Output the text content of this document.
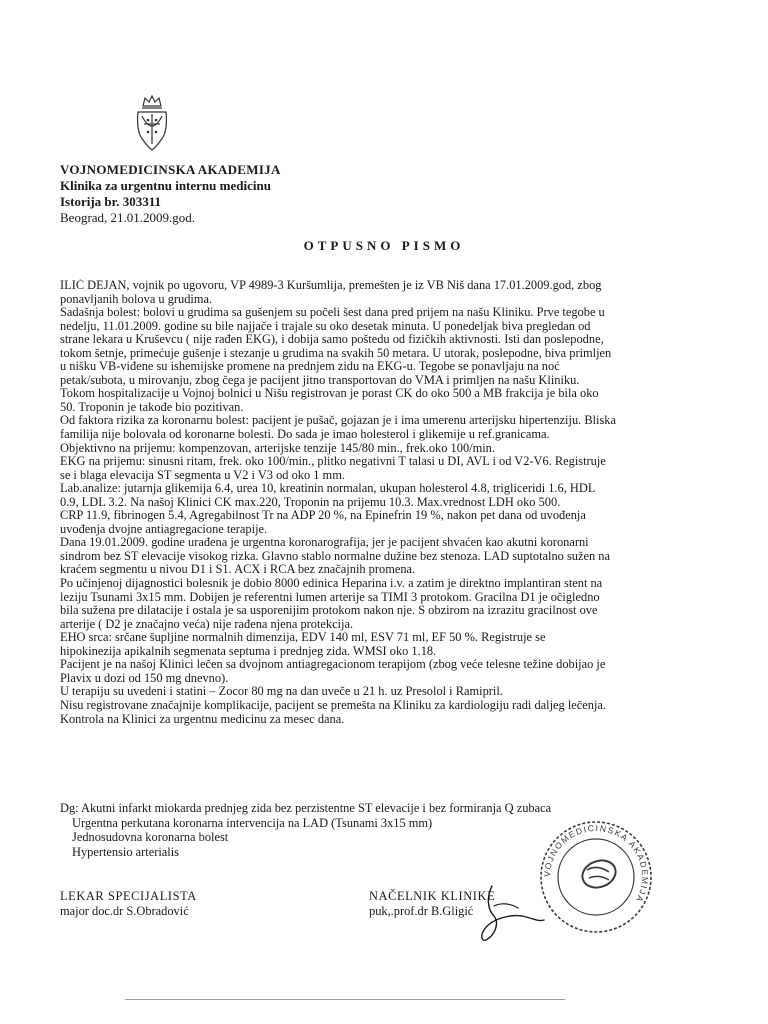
VOJNOMEDICINSKA AKADEMIJA
Klinika za urgentnu internu medicinu
Istorija br. 303311
Beograd, 21.01.2009.god.
OTPUSNO PISMO
ILIĆ DEJAN, vojnik po ugovoru, VP 4989-3 Kuršumlija, premešten je iz VB Niš dana 17.01.2009.god, zbog
ponavljanih bolova u grudima.
Sadašnja bolest: bolovi u grudima sa gušenjem su počeli šest dana pred prijem na našu Kliniku. Prve tegobe u
nedelju, 11.01.2009. godine su bile najjače i trajale su oko desetak minuta. U ponedeljak biva pregledan od
strane lekara u Kruševcu ( nije rađen EKG), i dobija samo poštedu od fizičkih aktivnosti. Isti dan poslepodne,
tokom šetnje, primećuje gušenje i stezanje u grudima na svakih 50 metara. U utorak, poslepodne, biva primljen
u nišku VB-viđene su ishemijske promene na prednjem zidu na EKG-u. Tegobe se ponavljaju na noć
petak/subota, u mirovanju, zbog čega je pacijent jitno transportovan do VMA i primljen na našu Kliniku.
Tokom hospitalizacije u Vojnoj bolnici u Nišu registrovan je porast CK do oko 500 a MB frakcija je bila oko
50. Troponin je takođe bio pozitivan.
Od faktora rizika za koronarnu bolest: pacijent je pušač, gojazan je i ima umerenu arterijsku hipertenziju. Bliska
familija nije bolovala od koronarne bolesti. Do sada je imao holesterol i glikemije u ref.granicama.
Objektivno na prijemu: kompenzovan, arterijske tenzije 145/80 min., frek.oko 100/min.
EKG na prijemu: sinusni ritam, frek. oko 100/min., plitko negativni T talasi u DI, AVL i od V2-V6. Registruje
se i blaga elevacija ST segmenta u V2 i V3 od oko 1 mm.
Lab.analize: jutarnja glikemija 6.4, urea 10, kreatinin normalan, ukupan holesterol 4.8, trigliceridi 1.6, HDL
0.9, LDL 3.2. Na našoj Klinici CK max.220, Troponin na prijemu 10.3. Max.vrednost LDH oko 500.
CRP 11.9, fibrinogen 5.4, Agregabilnost Tr na ADP 20 %, na Epinefrin 19 %, nakon pet dana od uvođenja
uvođenja dvojne antiagregacione terapije.
Dana 19.01.2009. godine urađena je urgentna koronarografija, jer je pacijent shvaćen kao akutni koronarni
sindrom bez ST elevacije visokog rizka. Glavno stablo normalne dužine bez stenoza. LAD suptotalno sužen na
kraćem segmentu u nivou D1 i S1. ACX i RCA bez značajnih promena.
Po učinjenoj dijagnostici bolesnik je dobio 8000 edinica Heparina i.v. a zatim je direktno implantiran stent na
leziju Tsunami 3x15 mm. Dobijen je referentni lumen arterije sa TIMI 3 protokom. Gracilna D1 je očigledno
bila sužena pre dilatacije i ostala je sa usporenijim protokom nakon nje. S obzirom na izrazitu gracilnost ove
arterije ( D2 je značajno veća) nije rađena njena protekcija.
EHO srca: srčane šupljine normalnih dimenzija, EDV 140 ml, ESV 71 ml, EF 50 %. Registruje se
hipokinezija apikalnih segmenata septuma i prednjeg zida. WMSI oko 1.18.
Pacijent je na našoj Klinici lečen sa dvojnom antiagregacionom terapijom (zbog veće telesne težine dobijao je
Plavix u dozi od 150 mg dnevno).
U terapiju su uvedeni i statini – Zocor 80 mg na dan uveče u 21 h. uz Presolol i Ramipril.
Nisu registrovane značajnije komplikacije, pacijent se premešta na Kliniku za kardiologiju radi daljeg lečenja.
Kontrola na Klinici za urgentnu medicinu za mesec dana.
Dg: Akutni infarkt miokarda prednjeg zida bez perzistentne ST elevacije i bez formiranja Q zubaca
Urgentna perkutana koronarna intervencija na LAD (Tsunami 3x15 mm)
Jednosudovna koronarna bolest
Hypertensio arterialis
VOJNOMEDICINSKA AKADEMIJA
LEKAR SPECIJALISTA
major doc.dr S.Obradović
NAČELNIK KLINIKE
puk,.prof.dr B.Gligić
